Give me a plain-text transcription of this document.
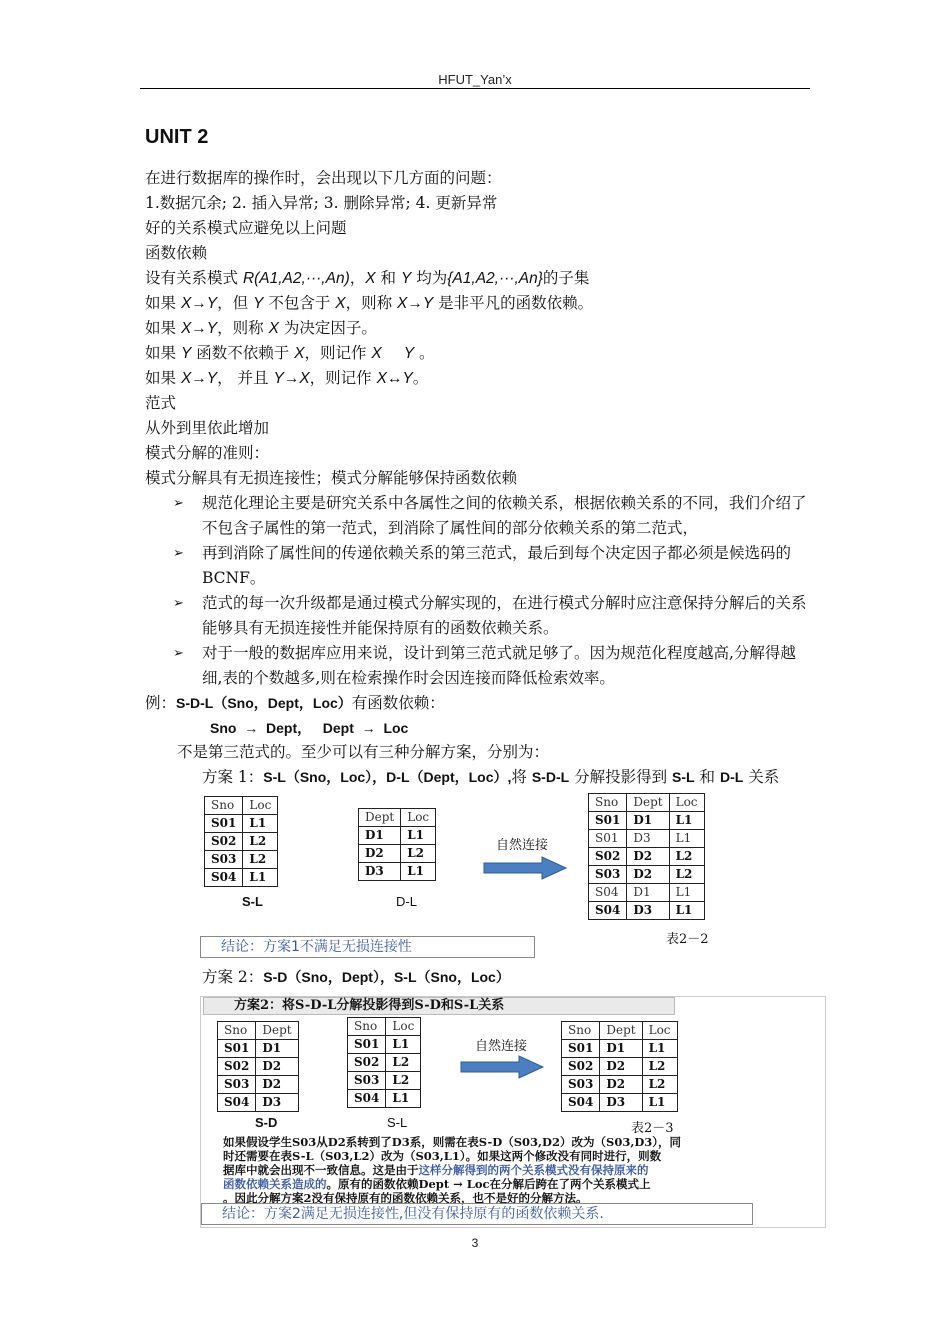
HFUT_Yan’x
UNIT 2
在进行数据库的操作时，会出现以下几方面的问题：
1.数据冗余; 2. 插入异常; 3. 删除异常; 4. 更新异常
好的关系模式应避免以上问题
函数依赖
设有关系模式 R(A1,A2,···,An)，X 和 Y 均为{A1,A2,···,An}的子集
如果 X→Y，但 Y 不包含于 X，则称 X→Y 是非平凡的函数依赖。
如果 X→Y，则称 X 为决定因子。
如果 Y 函数不依赖于 X，则记作 X Y 。
如果 X→Y， 并且 Y→X，则记作 X↔Y。
范式
从外到里依此增加
模式分解的准则：
模式分解具有无损连接性；模式分解能够保持函数依赖
➢ 规范化理论主要是研究关系中各属性之间的依赖关系，根据依赖关系的不同，我们介绍了不包含子属性的第一范式，到消除了属性间的部分依赖关系的第二范式，
➢ 再到消除了属性间的传递依赖关系的第三范式，最后到每个决定因子都必须是候选码的 BCNF。
➢ 范式的每一次升级都是通过模式分解实现的，在进行模式分解时应注意保持分解后的关系能够具有无损连接性并能保持原有的函数依赖关系。
➢ 对于一般的数据库应用来说，设计到第三范式就足够了。因为规范化程度越高,分解得越细,表的个数越多,则在检索操作时会因连接而降低检索效率。
例：S-D-L（Sno，Dept，Loc）有函数依赖：
Sno  →  Dept，   Dept  →  Loc
不是第三范式的。至少可以有三种分解方案，分别为：
方案 1：S-L（Sno，Loc），D-L（Dept，Loc）,将 S-D-L 分解投影得到 S-L 和 D-L 关系
Sno	Loc
S01	L1
S02	L2
S03	L2
S04	L1
S-L
Dept	Loc
D1	L1
D2	L2
D3	L1
D-L
自然连接
Sno	Dept	Loc
S01	D1	L1
S01	D3	L1
S02	D2	L2
S03	D2	L2
S04	D1	L1
S04	D3	L1
表2－2
结论：方案1不满足无损连接性
方案 2：S-D（Sno，Dept），S-L（Sno，Loc）
方案2：将S-D-L分解投影得到S-D和S-L关系
Sno	Dept
S01	D1
S02	D2
S03	D2
S04	D3
S-D
Sno	Loc
S01	L1
S02	L2
S03	L2
S04	L1
S-L
自然连接
Sno	Dept	Loc
S01	D1	L1
S02	D2	L2
S03	D2	L2
S04	D3	L1
表2－3
如果假设学生S03从D2系转到了D3系，则需在表S-D（S03,D2）改为（S03,D3），同
时还需要在表S-L（S03,L2）改为（S03,L1）。如果这两个修改没有同时进行，则数
据库中就会出现不一致信息。这是由于这样分解得到的两个关系模式没有保持原来的
函数依赖关系造成的。原有的函数依赖Dept → Loc在分解后跨在了两个关系模式上
。因此分解方案2没有保持原有的函数依赖关系，也不是好的分解方法。
结论：方案2满足无损连接性,但没有保持原有的函数依赖关系.
3
